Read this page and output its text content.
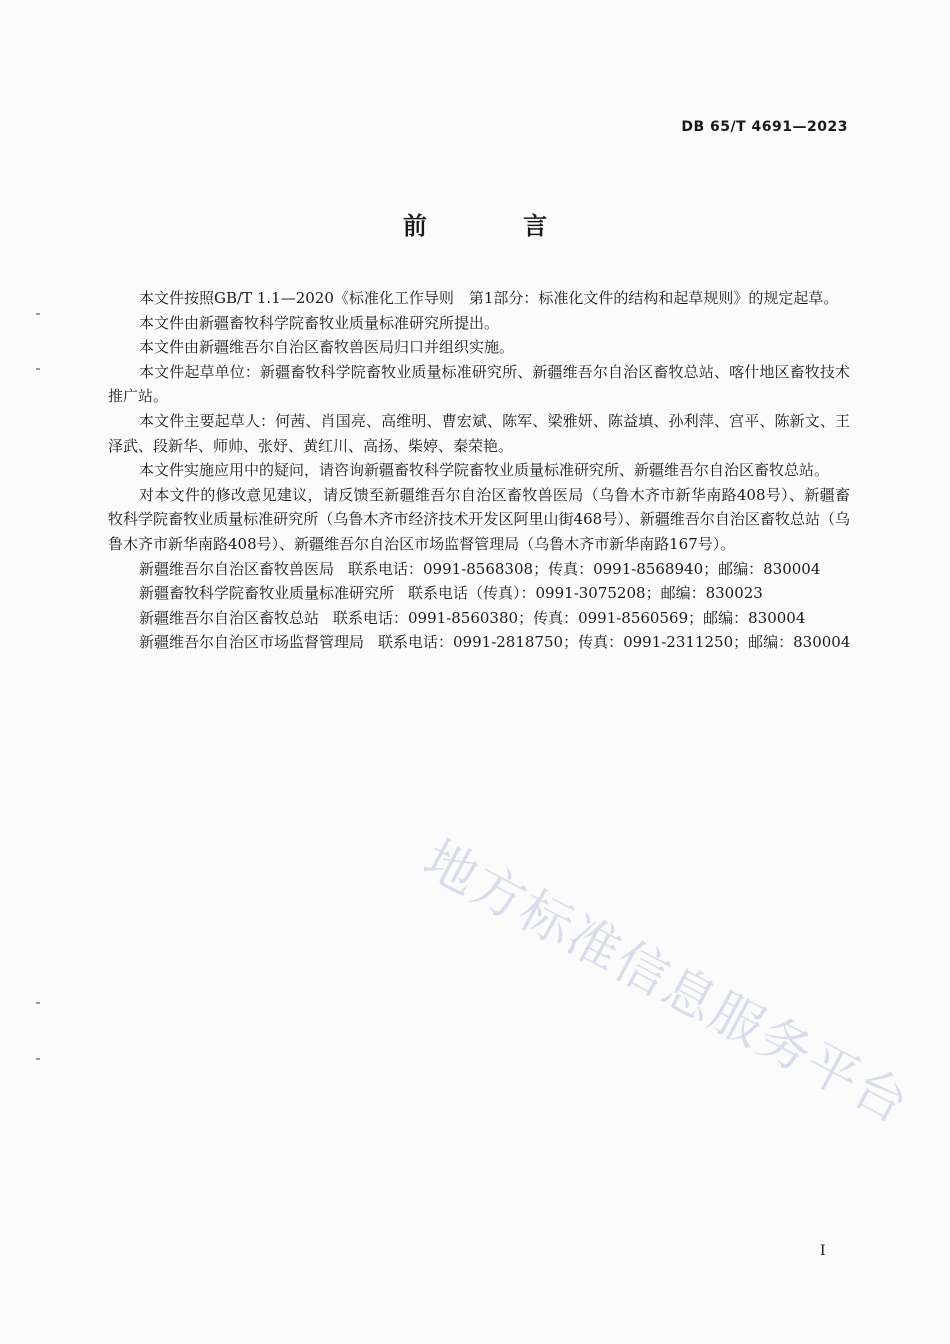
DB 65/T 4691—2023
前 言

本文件按照GB/T 1.1—2020《标准化工作导则　第1部分：标准化文件的结构和起草规则》的规定起草。

本文件由新疆畜牧科学院畜牧业质量标准研究所提出。

本文件由新疆维吾尔自治区畜牧兽医局归口并组织实施。

本文件起草单位：新疆畜牧科学院畜牧业质量标准研究所、新疆维吾尔自治区畜牧总站、喀什地区畜牧技术推广站。

本文件主要起草人：何茜、肖国亮、高维明、曹宏斌、陈军、梁雅妍、陈益填、孙利萍、宫平、陈新文、王泽武、段新华、师帅、张妤、黄红川、高扬、柴婷、秦荣艳。

本文件实施应用中的疑问，请咨询新疆畜牧科学院畜牧业质量标准研究所、新疆维吾尔自治区畜牧总站。

对本文件的修改意见建议，请反馈至新疆维吾尔自治区畜牧兽医局（乌鲁木齐市新华南路408号）、新疆畜牧科学院畜牧业质量标准研究所（乌鲁木齐市经济技术开发区阿里山街468号）、新疆维吾尔自治区畜牧总站（乌鲁木齐市新华南路408号）、新疆维吾尔自治区市场监督管理局（乌鲁木齐市新华南路167号）。

新疆维吾尔自治区畜牧兽医局 联系电话：0991-8568308；传真：0991-8568940；邮编：830004
新疆畜牧科学院畜牧业质量标准研究所 联系电话（传真）：0991-3075208；邮编：830023
新疆维吾尔自治区畜牧总站 联系电话：0991-8560380；传真：0991-8560569；邮编：830004
新疆维吾尔自治区市场监督管理局 联系电话：0991-2818750；传真：0991-2311250；邮编：830004
地方标准信息服务平台
I
